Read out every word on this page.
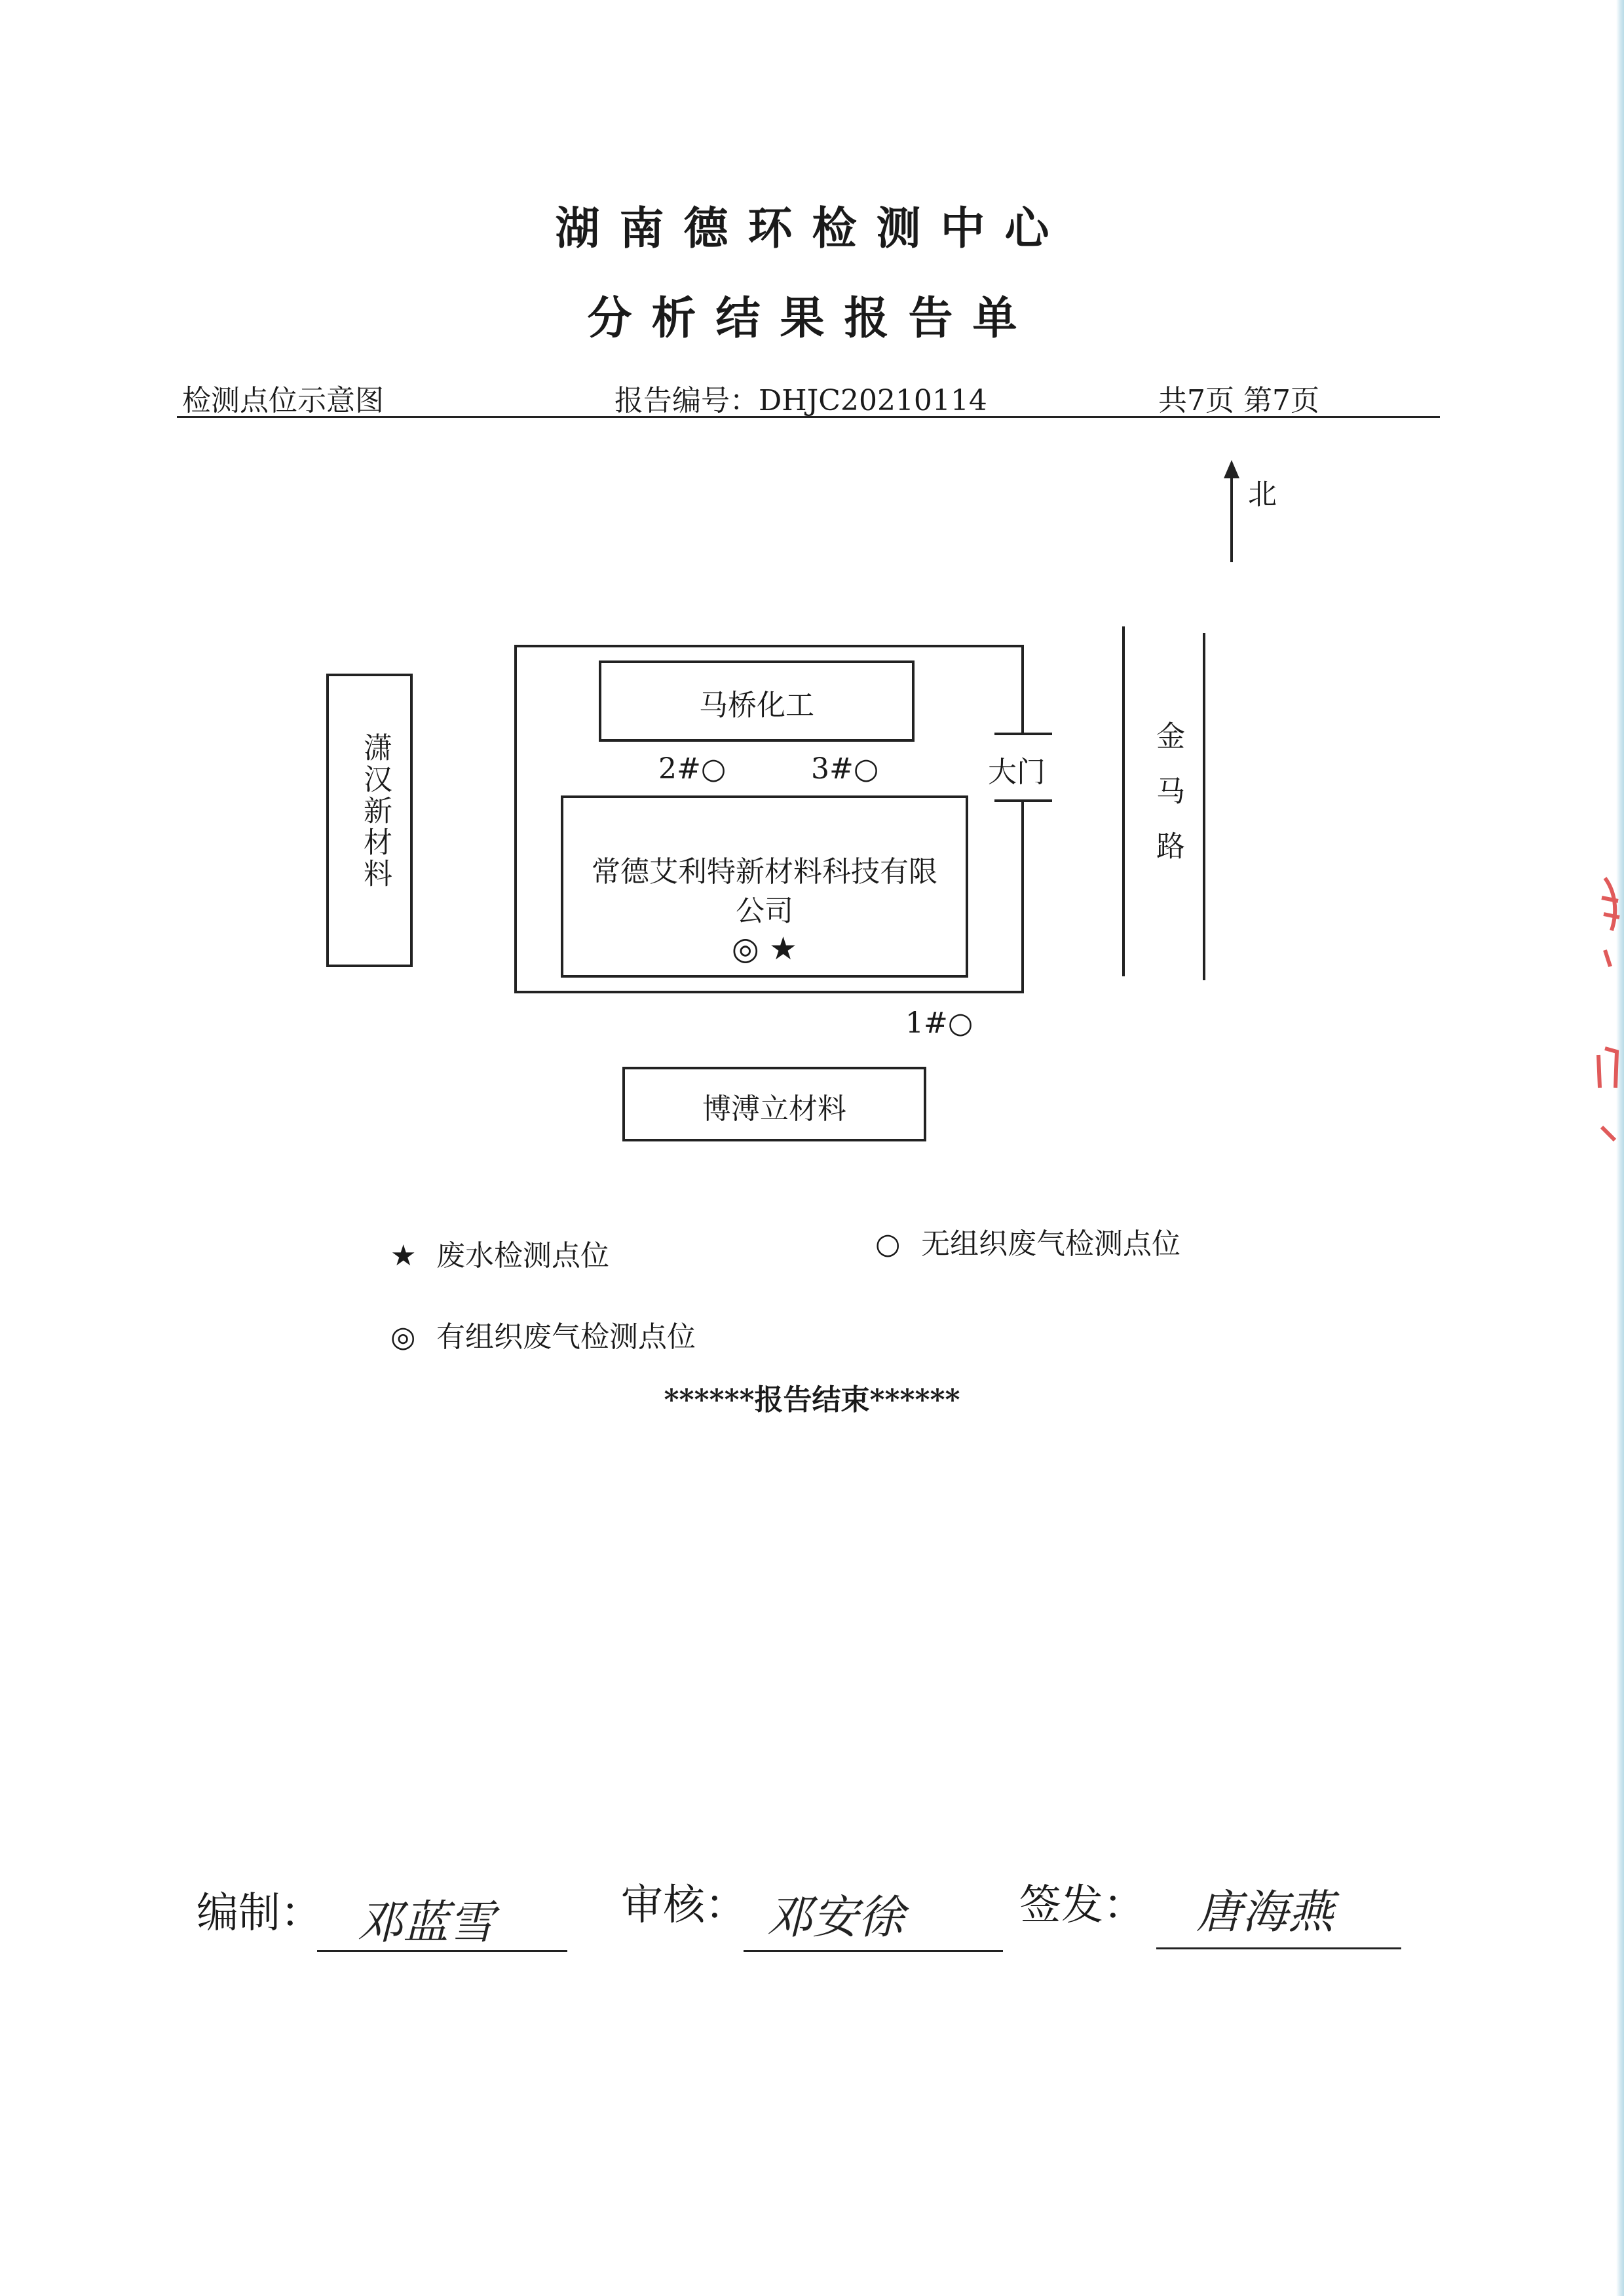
湖南德环检测中心
分析结果报告单
检测点位示意图	报告编号：DHJC20210114	共7页 第7页
北
潇汉新材料	大门
马桥化工
2#○	3#○
常德艾利特新材料科技有限
公司
◎ ★
金马路
1#○
博溥立材料
★ 废水检测点位	○ 无组织废气检测点位
◎ 有组织废气检测点位
******报告结束******
编制： 邓蓝雪	审核： 邓安徐	签发： 唐海燕
